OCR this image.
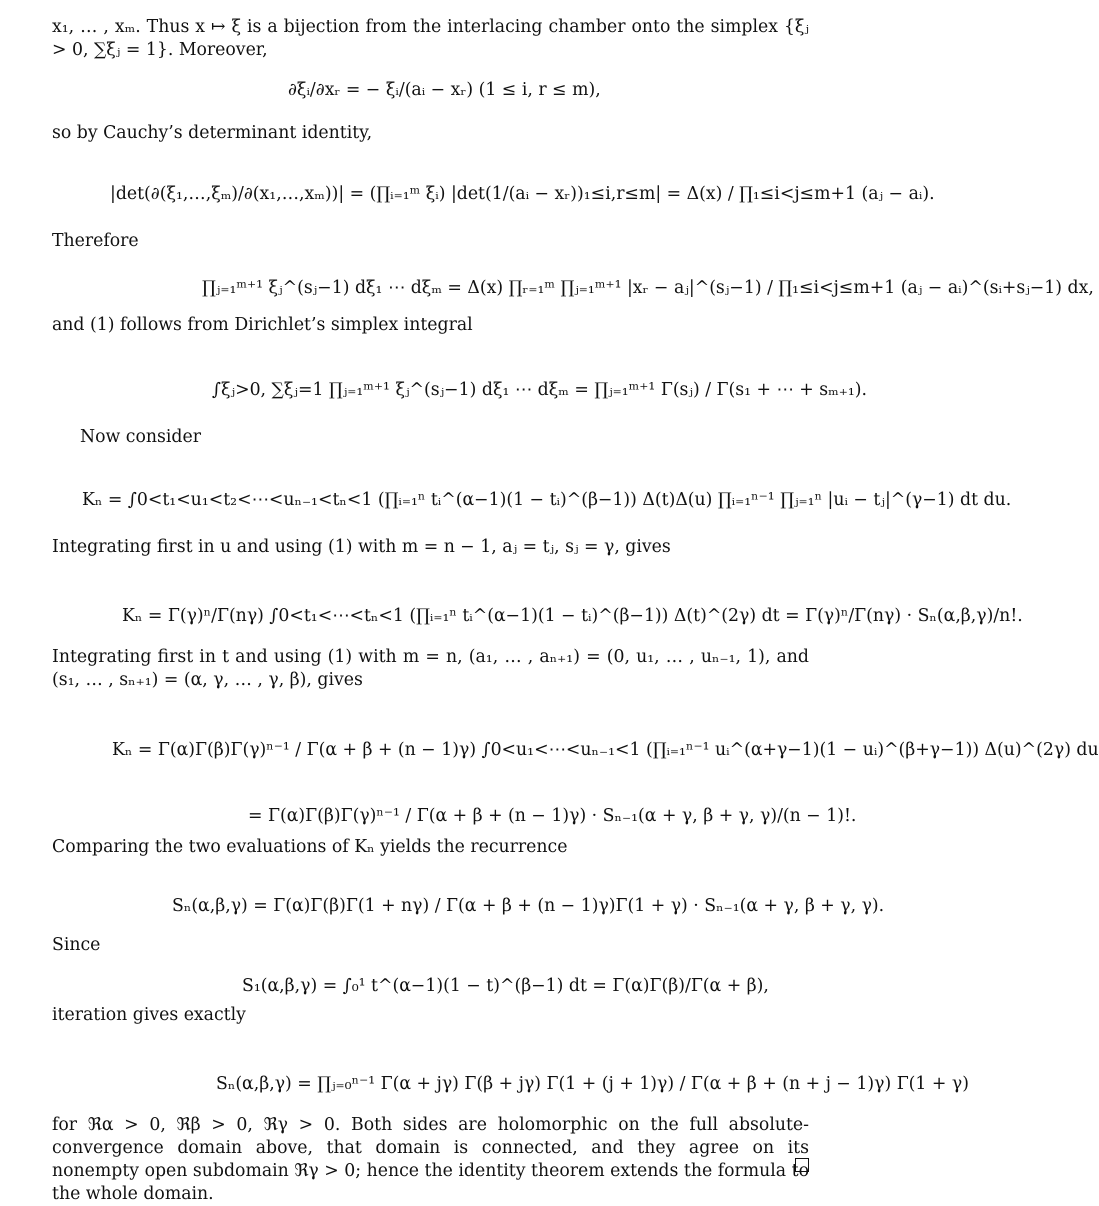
x₁, … , xₘ. Thus x ↦ ξ is a bijection from the interlacing chamber onto the simplex {ξⱼ > 0, ∑ξⱼ = 1}. Moreover,

∂ξᵢ/∂xᵣ = − ξᵢ/(aᵢ − xᵣ) (1 ≤ i, r ≤ m),

so by Cauchy’s determinant identity,

|det(∂(ξ₁,…,ξₘ)/∂(x₁,…,xₘ))| = (∏ᵢ₌₁ᵐ ξᵢ) |det(1/(aᵢ − xᵣ))₁≤i,r≤m| = Δ(x) / ∏₁≤i<j≤m+1 (aⱼ − aᵢ).

Therefore

∏ⱼ₌₁ᵐ⁺¹ ξⱼ^(sⱼ−1) dξ₁ ⋯ dξₘ = Δ(x) ∏ᵣ₌₁ᵐ ∏ⱼ₌₁ᵐ⁺¹ |xᵣ − aⱼ|^(sⱼ−1) / ∏₁≤i<j≤m+1 (aⱼ − aᵢ)^(sᵢ+sⱼ−1) dx,

and (1) follows from Dirichlet’s simplex integral

∫ξⱼ>0, ∑ξⱼ=1 ∏ⱼ₌₁ᵐ⁺¹ ξⱼ^(sⱼ−1) dξ₁ ⋯ dξₘ = ∏ⱼ₌₁ᵐ⁺¹ Γ(sⱼ) / Γ(s₁ + ⋯ + sₘ₊₁).

Now consider

Kₙ = ∫0<t₁<u₁<t₂<⋯<uₙ₋₁<tₙ<1 (∏ᵢ₌₁ⁿ tᵢ^(α−1)(1 − tᵢ)^(β−1)) Δ(t)Δ(u) ∏ᵢ₌₁ⁿ⁻¹ ∏ⱼ₌₁ⁿ |uᵢ − tⱼ|^(γ−1) dt du.

Integrating first in u and using (1) with m = n − 1, aⱼ = tⱼ, sⱼ = γ, gives

Kₙ = Γ(γ)ⁿ/Γ(nγ) ∫0<t₁<⋯<tₙ<1 (∏ᵢ₌₁ⁿ tᵢ^(α−1)(1 − tᵢ)^(β−1)) Δ(t)^(2γ) dt = Γ(γ)ⁿ/Γ(nγ) · Sₙ(α,β,γ)/n!.

Integrating first in t and using (1) with m = n, (a₁, … , aₙ₊₁) = (0, u₁, … , uₙ₋₁, 1), and (s₁, … , sₙ₊₁) = (α, γ, … , γ, β), gives

Kₙ = Γ(α)Γ(β)Γ(γ)ⁿ⁻¹ / Γ(α + β + (n − 1)γ) ∫0<u₁<⋯<uₙ₋₁<1 (∏ᵢ₌₁ⁿ⁻¹ uᵢ^(α+γ−1)(1 − uᵢ)^(β+γ−1)) Δ(u)^(2γ) du
= Γ(α)Γ(β)Γ(γ)ⁿ⁻¹ / Γ(α + β + (n − 1)γ) · Sₙ₋₁(α + γ, β + γ, γ)/(n − 1)!.

Comparing the two evaluations of Kₙ yields the recurrence

Sₙ(α,β,γ) = Γ(α)Γ(β)Γ(1 + nγ) / Γ(α + β + (n − 1)γ)Γ(1 + γ) · Sₙ₋₁(α + γ, β + γ, γ).

Since

S₁(α,β,γ) = ∫₀¹ t^(α−1)(1 − t)^(β−1) dt = Γ(α)Γ(β)/Γ(α + β),

iteration gives exactly

Sₙ(α,β,γ) = ∏ⱼ₌₀ⁿ⁻¹ Γ(α + jγ) Γ(β + jγ) Γ(1 + (j + 1)γ) / Γ(α + β + (n + j − 1)γ) Γ(1 + γ)

for ℜα > 0, ℜβ > 0, ℜγ > 0. Both sides are holomorphic on the full absolute-convergence domain above, that domain is connected, and they agree on its nonempty open subdomain ℜγ > 0; hence the identity theorem extends the formula to the whole domain.
